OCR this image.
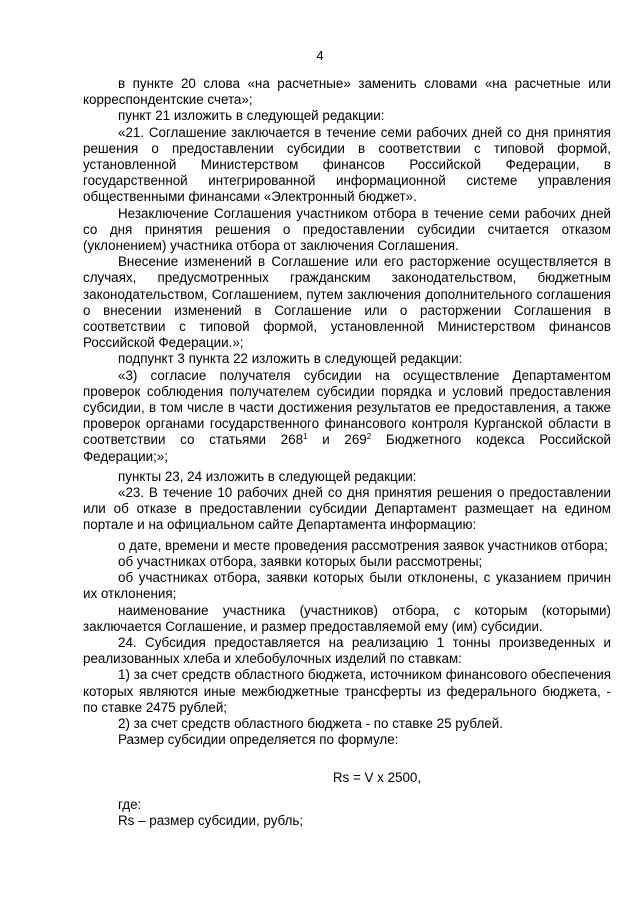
4

в пункте 20 слова «на расчетные» заменить словами «на расчетные или корреспондентские счета»;

пункт 21 изложить в следующей редакции:

«21. Соглашение заключается в течение семи рабочих дней со дня принятия решения о предоставлении субсидии в соответствии с типовой формой, установленной Министерством финансов Российской Федерации, в государственной интегрированной информационной системе управления общественными финансами «Электронный бюджет».

Незаключение Соглашения участником отбора в течение семи рабочих дней со дня принятия решения о предоставлении субсидии считается отказом (уклонением) участника отбора от заключения Соглашения.

Внесение изменений в Соглашение или его расторжение осуществляется в случаях, предусмотренных гражданским законодательством, бюджетным законодательством, Соглашением, путем заключения дополнительного соглашения о внесении изменений в Соглашение или о расторжении Соглашения в соответствии с типовой формой, установленной Министерством финансов Российской Федерации.»;

подпункт 3 пункта 22 изложить в следующей редакции:

«3) согласие получателя субсидии на осуществление Департаментом проверок соблюдения получателем субсидии порядка и условий предоставления субсидии, в том числе в части достижения результатов ее предоставления, а также проверок органами государственного финансового контроля Курганской области в соответствии со статьями $268^1$ и $269^2$ Бюджетного кодекса Российской Федерации;»;

пункты 23, 24 изложить в следующей редакции:

«23. В течение 10 рабочих дней со дня принятия решения о предоставлении или об отказе в предоставлении субсидии Департамент размещает на едином портале и на официальном сайте Департамента информацию:

о дате, времени и месте проведения рассмотрения заявок участников отбора;

об участниках отбора, заявки которых были рассмотрены;

об участниках отбора, заявки которых были отклонены, с указанием причин их отклонения;

наименование участника (участников) отбора, с которым (которыми) заключается Соглашение, и размер предоставляемой ему (им) субсидии.

24. Субсидия предоставляется на реализацию 1 тонны произведенных и реализованных хлеба и хлебобулочных изделий по ставкам:

1) за счет средств областного бюджета, источником финансового обеспечения которых являются иные межбюджетные трансферты из федерального бюджета, - по ставке 2475 рублей;

2) за счет средств областного бюджета - по ставке 25 рублей.

Размер субсидии определяется по формуле:

Rs = V x 2500,

где:

Rs – размер субсидии, рубль;
